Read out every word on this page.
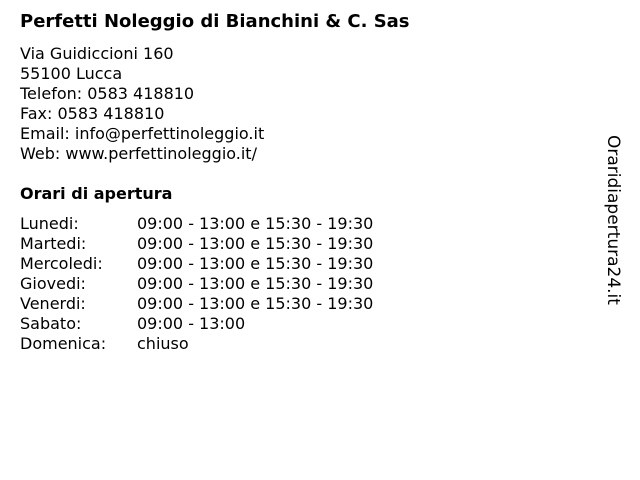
Perfetti Noleggio di Bianchini & C. Sas
Via Guidiccioni 160
55100 Lucca
Telefon: 0583 418810
Fax: 0583 418810
Email: info@perfettinoleggio.it
Web: www.perfettinoleggio.it/
Orari di apertura
Lunedi:	09:00 - 13:00 e 15:30 - 19:30
Martedi:	09:00 - 13:00 e 15:30 - 19:30
Mercoledi: 09:00 - 13:00 e 15:30 - 19:30
Giovedi:	09:00 - 13:00 e 15:30 - 19:30
Venerdi:	09:00 - 13:00 e 15:30 - 19:30
Sabato:	09:00 - 13:00
Domenica: chiuso
Oraridiapertura24.it
